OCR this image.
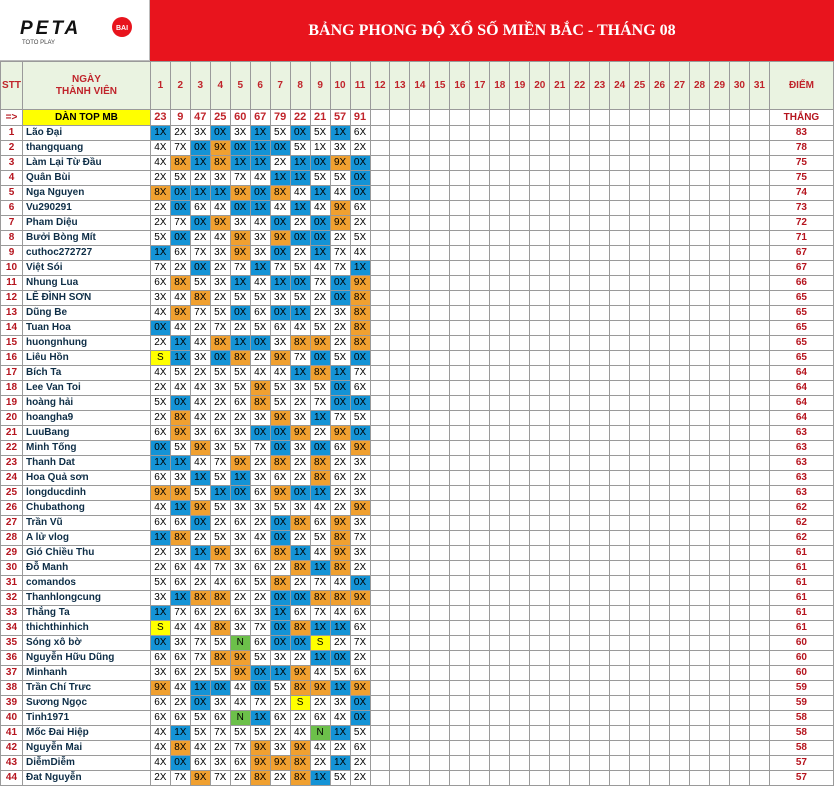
PETA	BAI
TOTO PLAY
BẢNG PHONG ĐỘ XỔ SỐ MIỀN BẮC - THÁNG 08
STT	NGÀY
THÀNH VIÊN	1	2	3	4	5	6	7	8	9	10	11	12	13	14	15	16	17	18	19	20	21	22	23	24	25	26	27	28	29	30	31	ĐIỂM
=>	DÀN TOP MB	23	9	47	25	60	67	79	22	21	57	91																					THẮNG
1	Lão Đại	1X	2X	3X	0X	3X	1X	5X	0X	5X	1X	6X																					83
2	thangquang	4X	7X	0X	9X	0X	1X	0X	5X	1X	3X	2X																					78
3	Làm Lại Từ Đầu	4X	8X	1X	8X	1X	1X	2X	1X	0X	9X	0X																					75
4	Quân Bùi	2X	5X	2X	3X	7X	4X	1X	1X	5X	5X	0X																					75
5	Nga Nguyen	8X	0X	1X	1X	9X	0X	8X	4X	1X	4X	0X																					74
6	Vu290291	2X	0X	6X	4X	0X	1X	4X	1X	4X	9X	6X																					73
7	Pham Diệu	2X	7X	0X	9X	3X	4X	0X	2X	0X	9X	2X																					72
8	Bưởi Bòng Mít	5X	0X	2X	4X	9X	3X	9X	0X	0X	2X	5X																					71
9	cuthoc272727	1X	6X	7X	3X	9X	3X	0X	2X	1X	7X	4X																					67
10	Việt Sói	7X	2X	0X	2X	7X	1X	7X	5X	4X	7X	1X																					67
11	Nhung Lua	6X	8X	5X	3X	1X	4X	1X	0X	7X	0X	9X																					66
12	LÊ ĐÌNH SƠN	3X	4X	8X	2X	5X	5X	3X	5X	2X	0X	8X																					65
13	Dũng Be	4X	9X	7X	5X	0X	6X	0X	1X	2X	3X	8X																					65
14	Tuan Hoa	0X	4X	2X	7X	2X	5X	6X	4X	5X	2X	8X																					65
15	huongnhung	2X	1X	4X	8X	1X	0X	3X	8X	9X	2X	8X																					65
16	Liêu Hồn	S	1X	3X	0X	8X	2X	9X	7X	0X	5X	0X																					65
17	Bích Ta	4X	5X	2X	5X	5X	4X	4X	1X	8X	1X	7X																					64
18	Lee Van Toi	2X	4X	4X	3X	5X	9X	5X	3X	5X	0X	6X																					64
19	hoàng hải	5X	0X	4X	2X	6X	8X	5X	2X	7X	0X	0X																					64
20	hoangha9	2X	8X	4X	2X	2X	3X	9X	3X	1X	7X	5X																					64
21	LuuBang	6X	9X	3X	6X	3X	0X	0X	9X	2X	9X	0X																					63
22	Minh Tống	0X	5X	9X	3X	5X	7X	0X	3X	0X	6X	9X																					63
23	Thanh Dat	1X	1X	4X	7X	9X	2X	8X	2X	8X	2X	3X																					63
24	Hoa Quả sơn	6X	3X	1X	5X	1X	3X	6X	2X	8X	6X	2X																					63
25	longducdinh	9X	9X	5X	1X	0X	6X	9X	0X	1X	2X	3X																					63
26	Chubathong	4X	1X	9X	5X	3X	3X	5X	3X	4X	2X	9X																					62
27	Trần Vũ	6X	6X	0X	2X	6X	2X	0X	8X	6X	9X	3X																					62
28	A lử vlog	1X	8X	2X	5X	3X	4X	0X	2X	5X	8X	7X																					62
29	Gió Chiều Thu	2X	3X	1X	9X	3X	6X	8X	1X	4X	9X	3X																					61
30	Đỗ Manh	2X	6X	4X	7X	3X	6X	2X	8X	1X	8X	2X																					61
31	comandos	5X	6X	2X	4X	6X	5X	8X	2X	7X	4X	0X																					61
32	Thanhlongcung	3X	1X	8X	8X	2X	2X	0X	0X	8X	8X	9X																					61
33	Thắng Ta	1X	7X	6X	2X	6X	3X	1X	6X	7X	4X	6X																					61
34	thichthinhich	S	4X	4X	8X	3X	7X	0X	8X	1X	1X	6X																					61
35	Sóng xô bờ	0X	3X	7X	5X	N	6X	0X	0X	S	2X	7X																					60
36	Nguyễn Hữu Dũng	6X	6X	7X	8X	9X	5X	3X	2X	1X	0X	2X																					60
37	Minhanh	3X	6X	2X	5X	9X	0X	1X	9X	4X	5X	6X																					60
38	Trần Chí Trưc	9X	4X	1X	0X	4X	0X	5X	8X	9X	1X	9X																					59
39	Sương Ngọc	6X	2X	0X	3X	4X	7X	2X	S	2X	3X	0X																					59
40	Tinh1971	6X	6X	5X	6X	N	1X	6X	2X	6X	4X	0X																					58
41	Mốc Đai Hiệp	4X	1X	5X	7X	5X	5X	2X	4X	N	1X	5X																					58
42	Nguyễn Mai	4X	8X	4X	2X	7X	9X	3X	9X	4X	2X	6X																					58
43	DiễmDiễm	4X	0X	6X	3X	6X	9X	9X	8X	2X	1X	2X																					57
44	Đat Nguyễn	2X	7X	9X	7X	2X	8X	2X	8X	1X	5X	2X																					57
